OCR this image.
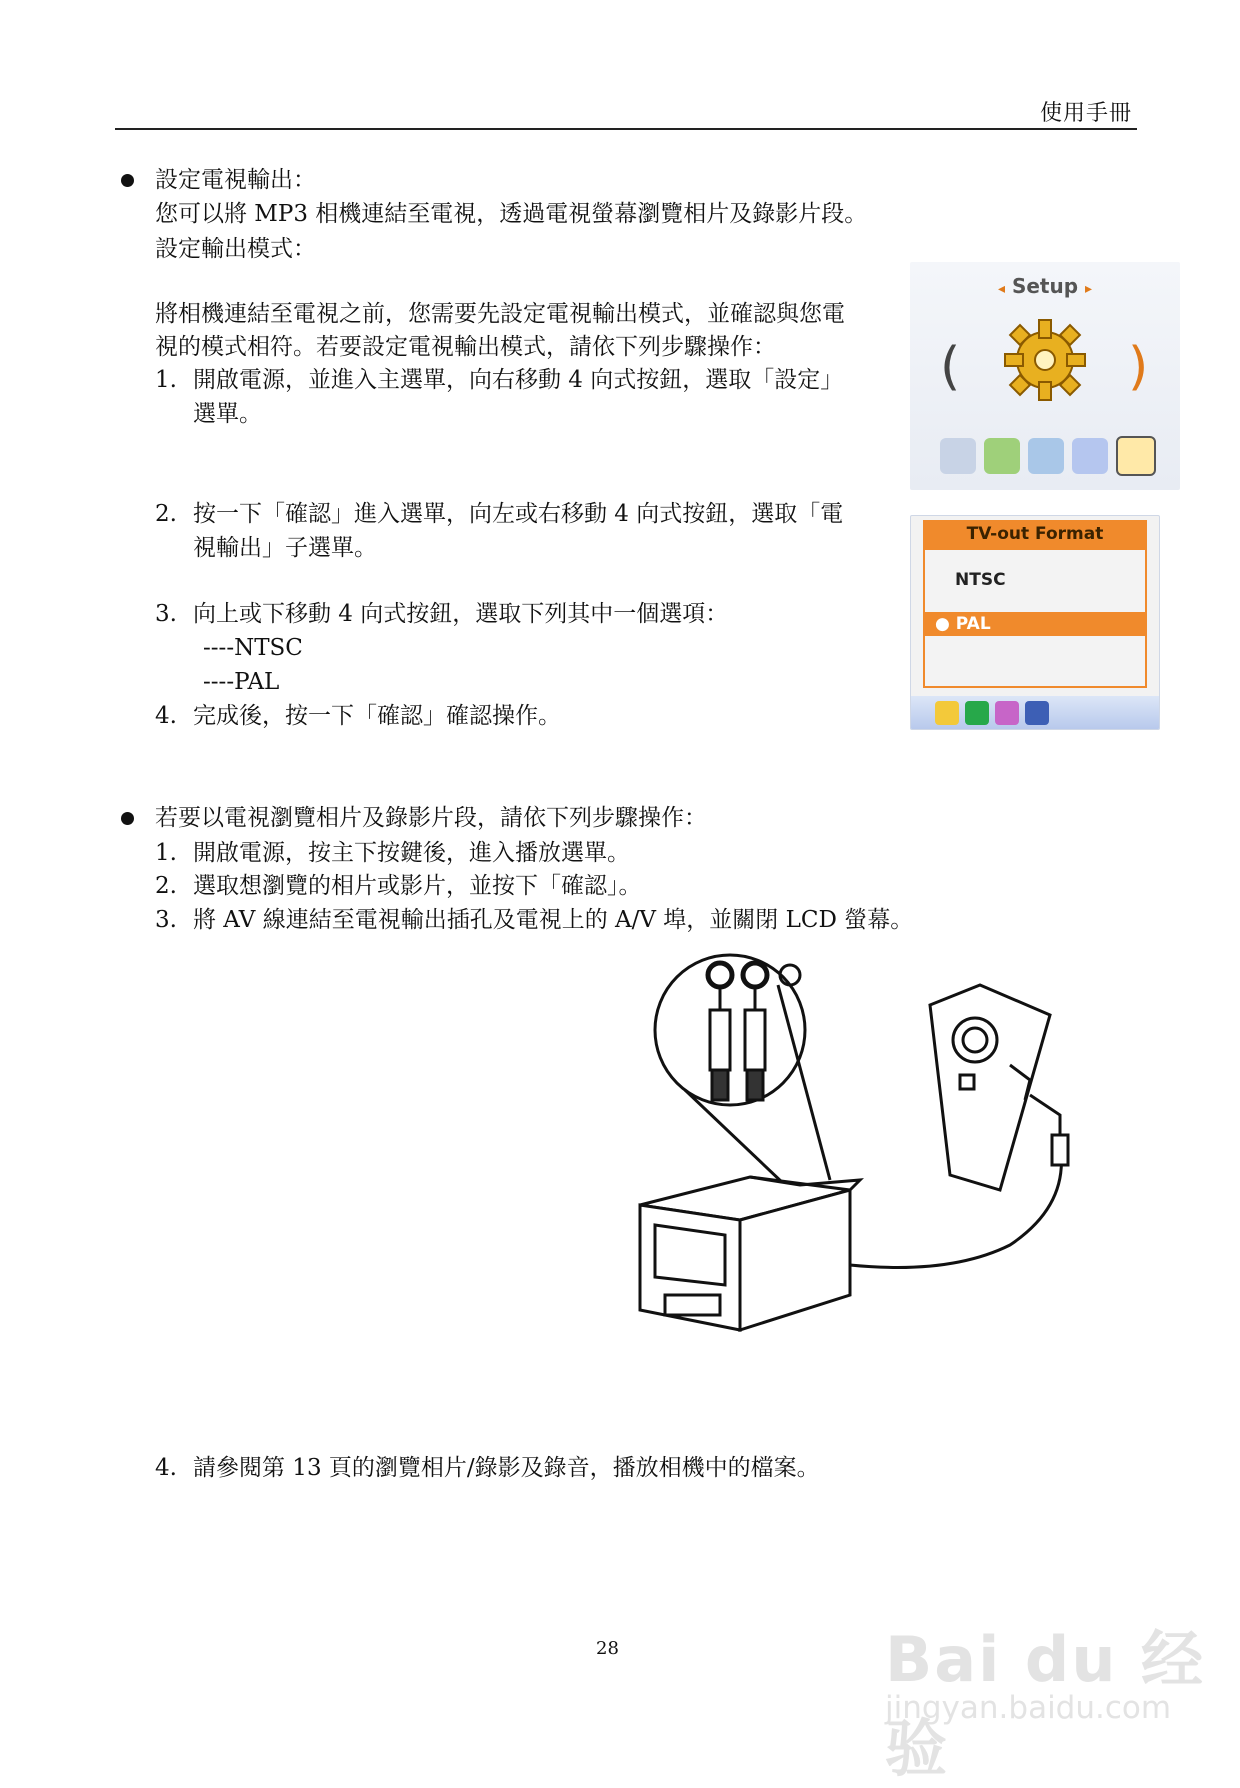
使用手冊
設定電視輸出：
您可以將 MP3 相機連結至電視，透過電視螢幕瀏覽相片及錄影片段。
設定輸出模式：
將相機連結至電視之前，您需要先設定電視輸出模式，並確認與您電
視的模式相符。若要設定電視輸出模式，請依下列步驟操作：
1. 開啟電源，並進入主選單，向右移動 4 向式按鈕，選取「設定」
選單。
2. 按一下「確認」進入選單，向左或右移動 4 向式按鈕，選取「電
視輸出」子選單。
3. 向上或下移動 4 向式按鈕，選取下列其中一個選項：
----NTSC
----PAL
4. 完成後，按一下「確認」確認操作。
◂ Setup ▸
(	)
TV-out Format
NTSC
● PAL
若要以電視瀏覽相片及錄影片段，請依下列步驟操作：
1. 開啟電源，按主下按鍵後，進入播放選單。
2. 選取想瀏覽的相片或影片，並按下「確認」。
3. 將 AV 線連結至電視輸出插孔及電視上的 A/V 埠，並關閉 LCD 螢幕。
4. 請參閱第 13 頁的瀏覽相片/錄影及錄音，播放相機中的檔案。
28	Bai du 经验
jingyan.baidu.com
